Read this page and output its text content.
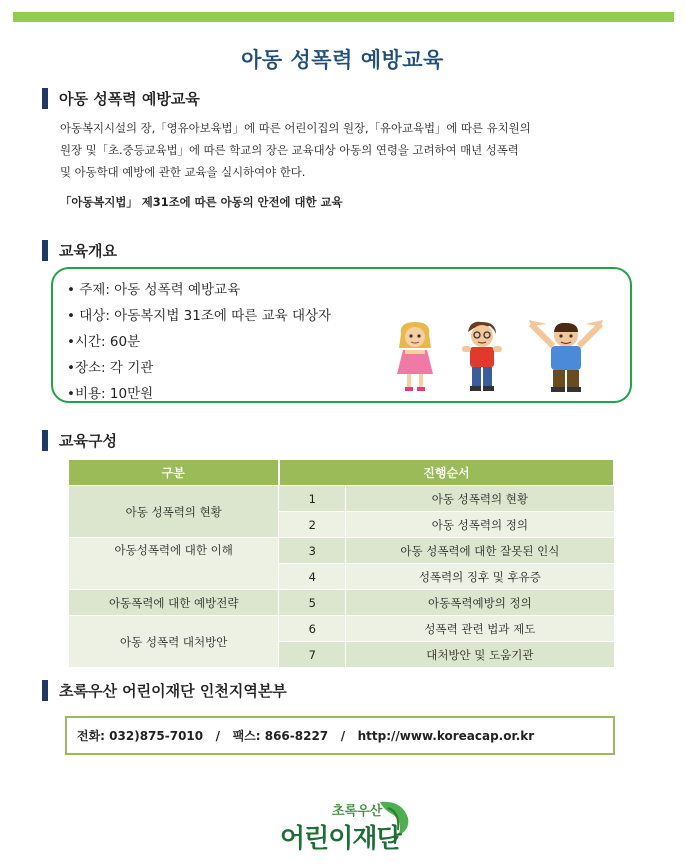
아동 성폭력 예방교육
아동 성폭력 예방교육
아동복지시설의 장,「영유아보육법」에 따른 어린이집의 원장,「유아교육법」에 따른 유치원의
원장 및「초.중등교육법」에 따른 학교의 장은 교육대상 아동의 연령을 고려하여 매년 성폭력
및 아동학대 예방에 관한 교육을 실시하여야 한다.
「아동복지법」 제31조에 따른 아동의 안전에 대한 교육
교육개요
• 주제: 아동 성폭력 예방교육
• 대상: 아동복지법 31조에 따른 교육 대상자
•시간: 60분
•장소: 각 기관
•비용: 10만원
교육구성
구분	진행순서	
아동 성폭력의 현황	1	아동 성폭력의 현황
	2	아동 성폭력의 정의
아동성폭력에 대한 이해	3	아동 성폭력에 대한 잘못된 인식
	4	성폭력의 징후 및 후유증
아동폭력에 대한 예방전략	5	아동폭력예방의 정의
아동 성폭력 대처방안	6	성폭력 관련 법과 제도
	7	대처방안 및 도움기관
초록우산 어린이재단 인천지역본부
전화: 032)875-7010   /   팩스: 866-8227   /   http://www.koreacap.or.kr
초록우산
어린이재단
